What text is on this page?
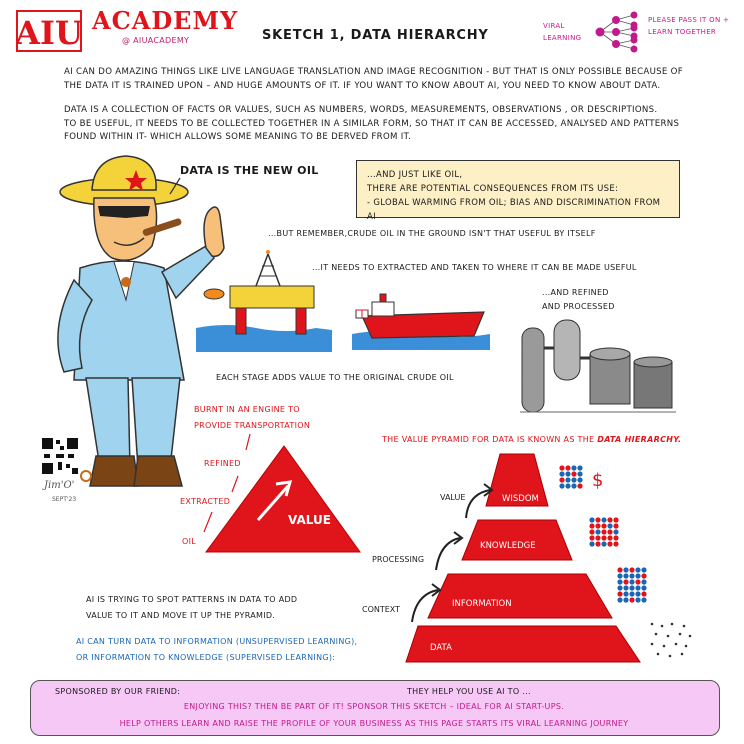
AIU ACADEMY
@ AIUACADEMY	SKETCH 1, DATA HIERARCHY
VIRAL LEARNING
PLEASE PASS IT ON + LEARN TOGETHER
AI CAN DO AMAZING THINGS LIKE LIVE LANGUAGE TRANSLATION AND IMAGE RECOGNITION - BUT THAT IS ONLY POSSIBLE BECAUSE OF
THE DATA IT IS TRAINED UPON – AND HUGE AMOUNTS OF IT. IF YOU WANT TO KNOW ABOUT AI, YOU NEED TO KNOW ABOUT DATA.
DATA IS A COLLECTION OF FACTS OR VALUES, SUCH AS NUMBERS, WORDS, MEASUREMENTS, OBSERVATIONS , OR DESCRIPTIONS.
TO BE USEFUL, IT NEEDS TO BE COLLECTED TOGETHER IN A SIMILAR FORM, SO THAT IT CAN BE ACCESSED, ANALYSED AND PATTERNS
FOUND WITHIN IT- WHICH ALLOWS SOME MEANING TO BE DERVED FROM IT.
DATA IS THE NEW OIL	...AND JUST LIKE OIL,
THERE ARE POTENTIAL CONSEQUENCES FROM ITS USE:
- GLOBAL WARMING FROM OIL; BIAS AND DISCRIMINATION FROM AI
...BUT REMEMBER,CRUDE OIL IN THE GROUND ISN'T THAT USEFUL BY ITSELF
...IT NEEDS TO EXTRACTED AND TAKEN TO WHERE IT CAN BE MADE USEFUL
...AND REFINED
AND PROCESSED
EACH STAGE ADDS VALUE TO THE ORIGINAL CRUDE OIL
BURNT IN AN ENGINE TO
PROVIDE TRANSPORTATION
REFINED
EXTRACTED
OIL
VALUE
Jim'O'
SEPT'23
THE VALUE PYRAMID FOR DATA IS KNOWN AS THE DATA HIERARCHY.
WISDOM
KNOWLEDGE
INFORMATION
DATA
VALUE
PROCESSING
CONTEXT
$
AI IS TRYING TO SPOT PATTERNS IN DATA TO ADD
VALUE TO IT AND MOVE IT UP THE PYRAMID.
AI CAN TURN DATA TO INFORMATION (UNSUPERVISED LEARNING),
OR INFORMATION TO KNOWLEDGE (SUPERVISED LEARNING):
SPONSORED BY OUR FRIEND:	THEY HELP YOU USE AI TO ...
ENJOYING THIS? THEN BE PART OF IT! SPONSOR THIS SKETCH – IDEAL FOR AI START-UPS.
HELP OTHERS LEARN AND RAISE THE PROFILE OF YOUR BUSINESS AS THIS PAGE STARTS ITS VIRAL LEARNING JOURNEY
